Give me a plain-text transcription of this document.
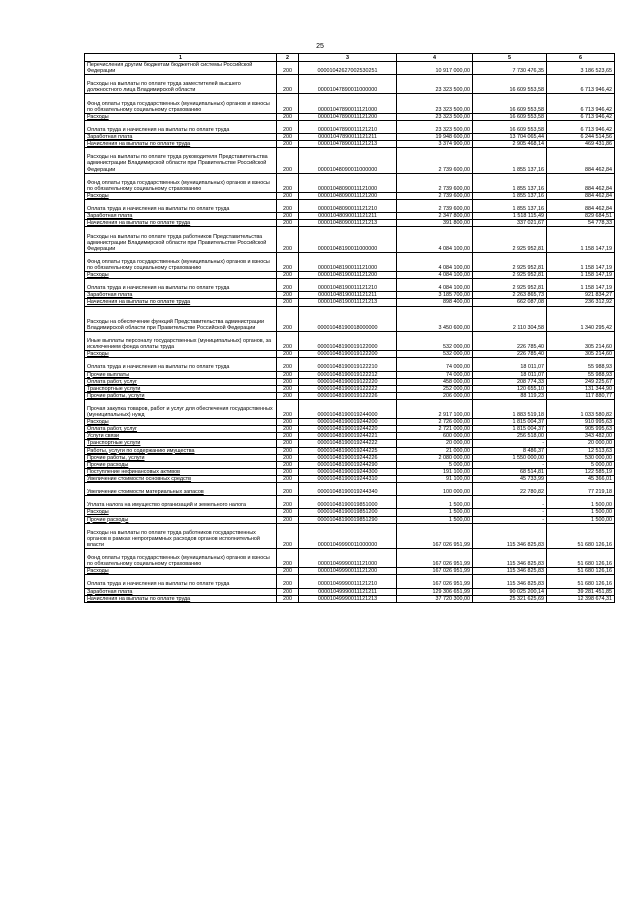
25
1	2	3	4	5	6
Перечисления другим бюджетам бюджетной системы Российской Федерации	200	00001042627002530251	10 917 000,00	7 730 476,35	3 186 523,65
Расходы на выплаты по оплате труда заместителей высшего должностного лица Владимирской области	200	00001047890011000000	23 323 500,00	16 609 553,58	6 713 946,42
Фонд оплаты труда государственных (муниципальных) органов и взносы по обязательному социальному страхованию	200	00001047890011121000	23 323 500,00	16 609 553,58	6 713 946,42
Расходы	200	00001047890011121200	23 323 500,00	16 609 553,58	6 713 946,42
Оплата труда и начисления на выплаты по оплате труда	200	00001047890011121210	23 323 500,00	16 609 553,58	6 713 946,42
Заработная плата	200	00001047890011121211	19 948 600,00	13 704 065,44	6 244 514,56
Начисления на выплаты по оплате труда	200	00001047890011121213	3 374 900,00	2 905 468,14	469 431,86
Расходы на выплаты по оплате труда руководителя Представительства администрации Владимирской области при Правительстве Российской Федерации	200	00001048090011000000	2 739 600,00	1 855 137,16	884 462,84
Фонд оплаты труда государственных (муниципальных) органов и взносы по обязательному социальному страхованию	200	00001048090011121000	2 739 600,00	1 855 137,16	884 462,84
Расходы	200	00001048090011121200	2 739 600,00	1 855 137,16	884 462,84
Оплата труда и начисления на выплаты по оплате труда	200	00001048090011121210	2 739 600,00	1 855 137,16	884 462,84
Заработная плата	200	00001048090011121211	2 347 800,00	1 518 115,49	829 684,51
Начисления на выплаты по оплате труда	200	00001048090011121213	391 800,00	337 021,67	54 778,33
Расходы на выплаты по оплате труда работников Представительства администрации Владимирской области при Правительстве Российской Федерации	200	00001048190011000000	4 084 100,00	2 925 952,81	1 158 147,19
Фонд оплаты труда государственных (муниципальных) органов и взносы по обязательному социальному страхованию	200	00001048190011121000	4 084 100,00	2 925 952,81	1 158 147,19
Расходы	200	00001048190011121200	4 084 100,00	2 925 952,81	1 158 147,19
Оплата труда и начисления на выплаты по оплате труда	200	00001048190011121210	4 084 100,00	2 925 952,81	1 158 147,19
Заработная плата	200	00001048190011121211	3 185 700,00	2 263 865,73	921 834,27
Начисления на выплаты по оплате труда	200	00001048190011121213	898 400,00	662 087,08	236 312,92
Расходы на обеспечение функций Представительства администрации Владимирской области при Правительстве Российской Федерации	200	00001048190018000000	3 450 600,00	2 110 304,58	1 340 295,42
Иные выплаты персоналу государственных (муниципальных) органов, за исключением фонда оплаты труда	200	00001048190019122000	532 000,00	226 785,40	305 214,60
Расходы	200	00001048190019122200	532 000,00	226 785,40	305 214,60
Оплата труда и начисления на выплаты по оплате труда	200	00001048190019122210	74 000,00	18 011,07	55 988,93
Прочие выплаты	200	00001048190019122212	74 000,00	18 011,07	55 988,93
Оплата работ, услуг	200	00001048190019122220	458 000,00	208 774,33	249 225,67
Транспортные услуги	200	00001048190019122222	252 000,00	120 655,10	131 344,90
Прочие работы, услуги	200	00001048190019122226	206 000,00	88 119,23	117 880,77
Прочая закупка товаров, работ и услуг для обеспечения государственных (муниципальных) нужд	200	00001048190019244000	2 917 100,00	1 883 519,18	1 033 580,82
Расходы	200	00001048190019244200	2 726 000,00	1 815 004,37	910 995,63
Оплата работ, услуг	200	00001048190019244220	2 721 000,00	1 815 004,37	905 995,63
Услуги связи	200	00001048190019244221	600 000,00	256 518,00	343 482,00
Транспортные услуги	200	00001048190019244222	20 000,00	-	20 000,00
Работы, услуги по содержанию имущества	200	00001048190019244225	21 000,00	8 486,37	12 513,63
Прочие работы, услуги	200	00001048190019244226	2 080 000,00	1 550 000,00	530 000,00
Прочие расходы	200	00001048190019244290	5 000,00	-	5 000,00
Поступление нефинансовых активов	200	00001048190019244300	191 100,00	68 514,81	122 585,19
Увеличение стоимости основных средств	200	00001048190019244310	91 100,00	45 733,99	45 366,01
Увеличение стоимости материальных запасов	200	00001048190019244340	100 000,00	22 780,82	77 219,18
Уплата налога на имущество организаций и земельного налога	200	00001048190019851000	1 500,00	-	1 500,00
Расходы	200	00001048190019851200	1 500,00	-	1 500,00
Прочие расходы	200	00001048190019851290	1 500,00	-	1 500,00
Расходы на выплаты по оплате труда работников государственных органов в рамках непрограммных расходов органов исполнительной власти	200	00001049990011000000	167 026 951,99	115 346 825,83	51 680 126,16
Фонд оплаты труда государственных (муниципальных) органов и взносы по обязательному социальному страхованию	200	00001049990011121000	167 026 951,99	115 346 825,83	51 680 126,16
Расходы	200	00001049990011121200	167 026 951,99	115 346 825,83	51 680 126,16
Оплата труда и начисления на выплаты по оплате труда	200	00001049990011121210	167 026 951,99	115 346 825,83	51 680 126,16
Заработная плата	200	00001049990011121211	129 306 651,99	90 025 200,14	39 281 451,85
Начисления на выплаты по оплате труда	200	00001049990011121213	37 720 300,00	25 321 625,69	12 398 674,31
